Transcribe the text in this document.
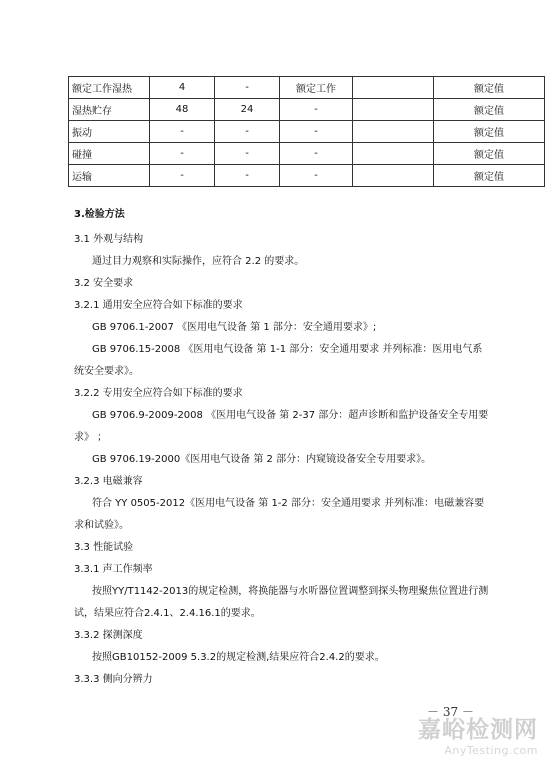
额定工作湿热	4	-	额定工作		额定值
湿热贮存	48	24	-		额定值
振动	-	-	-		额定值
碰撞	-	-	-		额定值
运输	-	-	-		额定值
3.检验方法
3.1 外观与结构
通过目力观察和实际操作，应符合 2.2 的要求。
3.2 安全要求
3.2.1 通用安全应符合如下标准的要求
GB 9706.1-2007 《医用电气设备 第 1 部分：安全通用要求》;
GB 9706.15-2008 《医用电气设备 第 1-1 部分：安全通用要求 并列标准：医用电气系
统安全要求》。
3.2.2 专用安全应符合如下标准的要求
GB 9706.9-2009-2008 《医用电气设备 第 2-37 部分：超声诊断和监护设备安全专用要
求》 ；
GB 9706.19-2000《医用电气设备 第 2 部分：内窥镜设备安全专用要求》。
3.2.3 电磁兼容
符合 YY 0505-2012《医用电气设备 第 1-2 部分：安全通用要求 并列标准：电磁兼容要
求和试验》。
3.3 性能试验
3.3.1 声工作频率
按照YY/T1142-2013的规定检测，将换能器与水听器位置调整到探头物理聚焦位置进行测
试，结果应符合2.4.1、2.4.16.1的要求。
3.3.2 探测深度
按照GB10152-2009 5.3.2的规定检测,结果应符合2.4.2的要求。
3.3.3 侧向分辨力
－ 37 －
嘉峪检测网
AnyTesting.com
